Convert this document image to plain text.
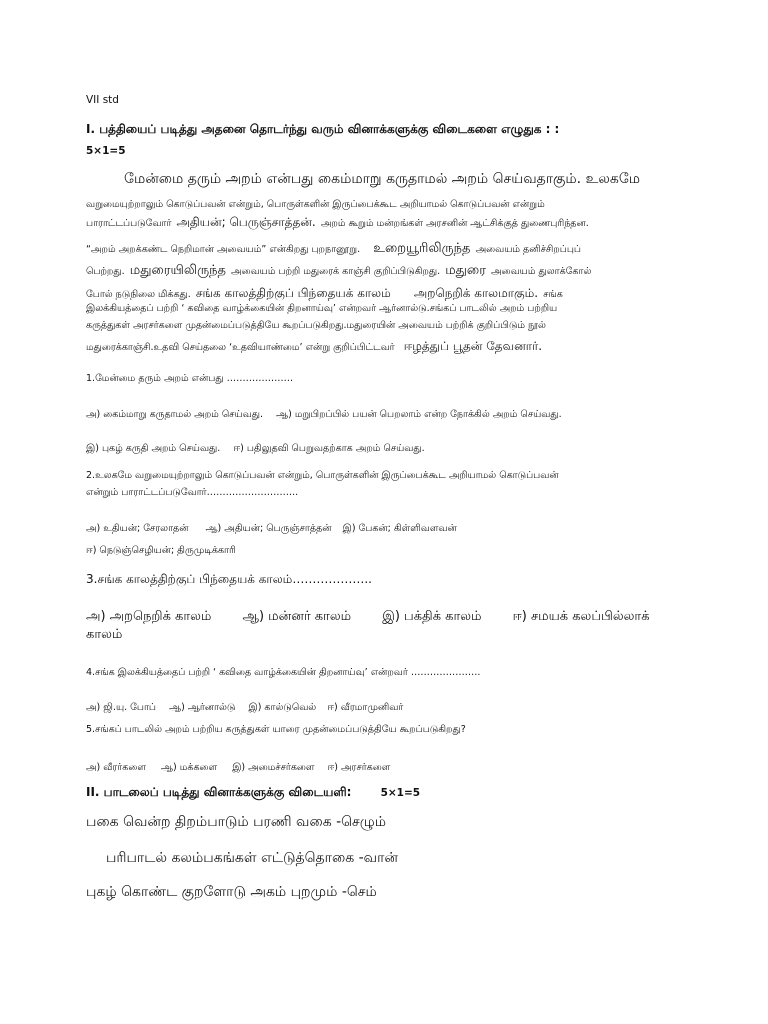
VII std

I. பத்தியைப் படித்து அதனை தொடர்ந்து வரும் வினாக்களுக்கு விடைகளை எழுதுக : :

5×1=5

மேன்மை தரும் அறம் என்பது கைம்மாறு கருதாமல் அறம் செய்வதாகும். உலகமே

வறுமையுற்றாலும் கொடுப்பவன் என்றும், பொருள்களின் இருப்பைக்கூட அறியாமல் கொடுப்பவன் என்றும்

பாராட்டப்படுவோர் அதியன்; பெருஞ்சாத்தன். அறம் கூறும் மன்றங்கள் அரசனின் ஆட்சிக்குத் துணைபுரிந்தன.

“அறம் அறக்கண்ட நெறிமான் அவையம்” என்கிறது புறநானூறு. உறையூரிலிருந்த அவையம் தனிச்சிறப்புப்

பெற்றது. மதுரையிலிருந்த அவையம் பற்றி மதுரைக் காஞ்சி குறிப்பிடுகிறது. மதுரை அவையம் துலாக்கோல்

போல் நடுநிலை மிக்கது. சங்க காலத்திற்குப் பிந்தையக் காலம் அறநெறிக் காலமாகும். சங்க

இலக்கியத்தைப் பற்றி ‘ கவிதை வாழ்க்கையின் திறனாய்வு’ என்றவர் ஆர்னால்டு.சங்கப் பாடலில் அறம் பற்றிய

கருத்துகள் அரசர்களை முதன்மைப்படுத்தியே கூறப்படுகிறது.மதுரையின் அவையம் பற்றிக் குறிப்பிடும் நூல்

மதுரைக்காஞ்சி.உதவி செய்தலை ‘உதவியாண்மை’ என்று குறிப்பிட்டவர் ஈழத்துப் பூதன் தேவனார்.

1.மேன்மை தரும் அறம் என்பது …………………

அ) கைம்மாறு கருதாமல் அறம் செய்வது. ஆ) மறுபிறப்பில் பயன் பெறலாம் என்ற நோக்கில் அறம் செய்வது.

இ) புகழ் கருதி அறம் செய்வது. ஈ) பதிலுதவி பெறுவதற்காக அறம் செய்வது.

2.உலகமே வறுமையுற்றாலும் கொடுப்பவன் என்றும், பொருள்களின் இருப்பைக்கூட அறியாமல் கொடுப்பவன்

என்றும் பாராட்டப்படுவோர்………………………..

அ) உதியன்; சேரலாதன் ஆ) அதியன்; பெருஞ்சாத்தன் இ) பேகன்; கிள்ளிவளவன்

ஈ) நெடுஞ்செழியன்; திருமுடிக்காரி

3.சங்க காலத்திற்குப் பிந்தையக் காலம்………………..

அ) அறநெறிக் காலம் ஆ) மன்னர் காலம் இ) பக்திக் காலம் ஈ) சமயக் கலப்பில்லாக்

காலம்

4.சங்க இலக்கியத்தைப் பற்றி ‘ கவிதை வாழ்க்கையின் திறனாய்வு’ என்றவர் ………………….

அ) ஜி.யு. போப் ஆ) ஆர்னால்டு இ) கால்டுவெல் ஈ) வீரமாமுனிவர்

5.சங்கப் பாடலில் அறம் பற்றிய கருத்துகள் யாரை முதன்மைப்படுத்தியே கூறப்படுகிறது?

அ) வீரர்களை ஆ) மக்களை இ) அமைச்சர்களை ஈ) அரசர்களை

II. பாடலைப் படித்து வினாக்களுக்கு விடையளி:	5×1=5

பகை வென்ற திறம்பாடும் பரணி வகை -செழும்

பரிபாடல் கலம்பகங்கள் எட்டுத்தொகை -வான்

புகழ் கொண்ட குறளோடு அகம் புறமும் -செம்
